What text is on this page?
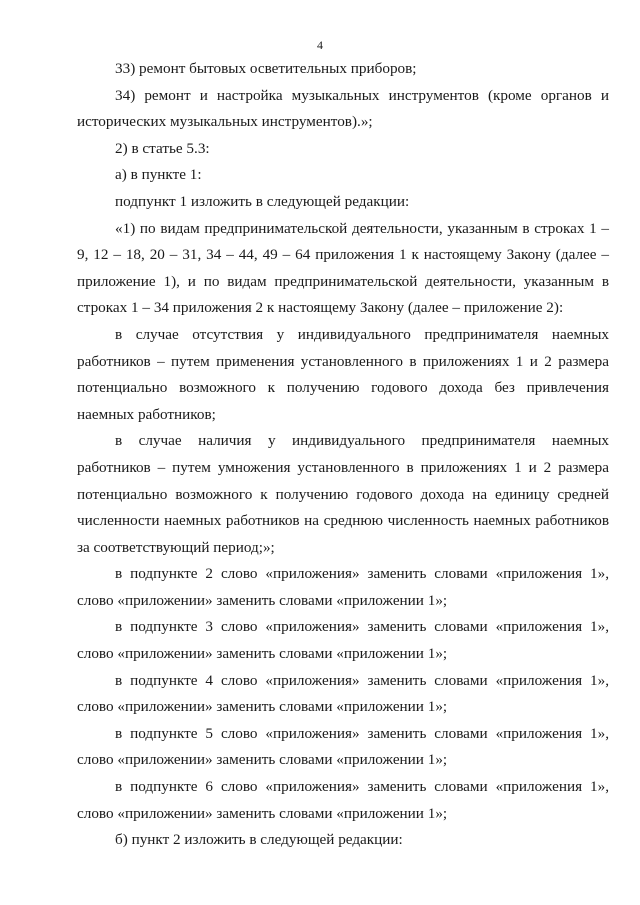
4

33) ремонт бытовых осветительных приборов;

34) ремонт и настройка музыкальных инструментов (кроме органов и исторических музыкальных инструментов).»;

2) в статье 5.3:

а) в пункте 1:

подпункт 1 изложить в следующей редакции:

«1) по видам предпринимательской деятельности, указанным в строках 1 – 9, 12 – 18, 20 – 31, 34 – 44, 49 – 64 приложения 1 к настоящему Закону (далее – приложение 1), и по видам предпринимательской деятельности, указанным в строках 1 – 34 приложения 2 к настоящему Закону (далее – приложение 2):

в случае отсутствия у индивидуального предпринимателя наемных работников – путем применения установленного в приложениях 1 и 2 размера потенциально возможного к получению годового дохода без привлечения наемных работников;

в случае наличия у индивидуального предпринимателя наемных работников – путем умножения установленного в приложениях 1 и 2 размера потенциально возможного к получению годового дохода на единицу средней численности наемных работников на среднюю численность наемных работников за соответствующий период;»;

в подпункте 2 слово «приложения» заменить словами «приложения 1», слово «приложении» заменить словами «приложении 1»;

в подпункте 3 слово «приложения» заменить словами «приложения 1», слово «приложении» заменить словами «приложении 1»;

в подпункте 4 слово «приложения» заменить словами «приложения 1», слово «приложении» заменить словами «приложении 1»;

в подпункте 5 слово «приложения» заменить словами «приложения 1», слово «приложении» заменить словами «приложении 1»;

в подпункте 6 слово «приложения» заменить словами «приложения 1», слово «приложении» заменить словами «приложении 1»;

б) пункт 2 изложить в следующей редакции:
